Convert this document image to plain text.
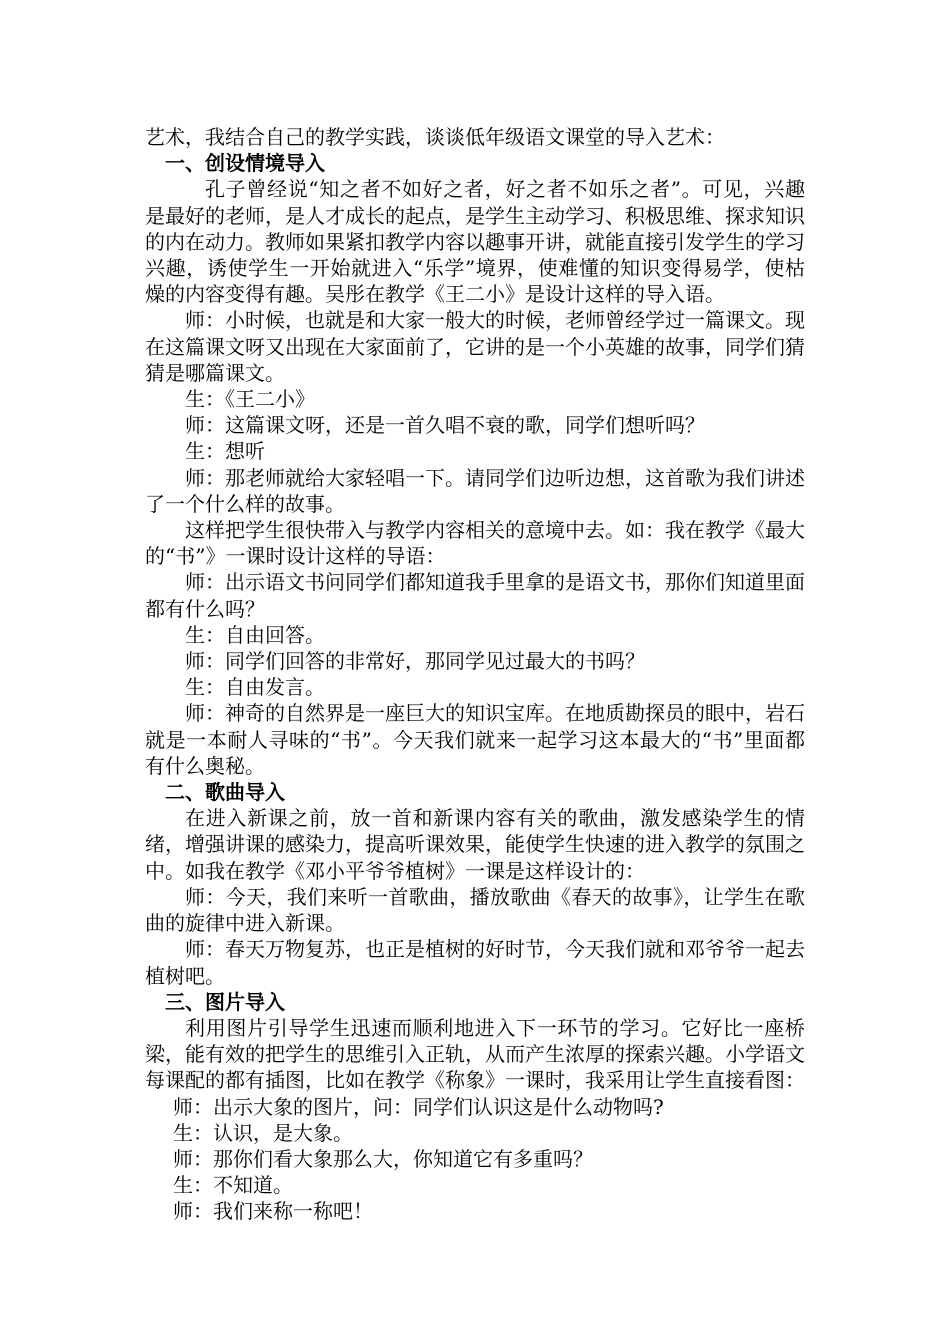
艺术，我结合自己的教学实践，谈谈低年级语文课堂的导入艺术：

一、创设情境导入

孔子曾经说“知之者不如好之者，好之者不如乐之者”。可见，兴趣是最好的老师，是人才成长的起点，是学生主动学习、积极思维、探求知识的内在动力。教师如果紧扣教学内容以趣事开讲，就能直接引发学生的学习兴趣，诱使学生一开始就进入“乐学”境界，使难懂的知识变得易学，使枯燥的内容变得有趣。吴彤在教学《王二小》是设计这样的导入语。

师：小时候，也就是和大家一般大的时候，老师曾经学过一篇课文。现在这篇课文呀又出现在大家面前了，它讲的是一个小英雄的故事，同学们猜猜是哪篇课文。

生：《王二小》

师：这篇课文呀，还是一首久唱不衰的歌，同学们想听吗？

生：想听

师：那老师就给大家轻唱一下。请同学们边听边想，这首歌为我们讲述了一个什么样的故事。

这样把学生很快带入与教学内容相关的意境中去。如：我在教学《最大的“书”》一课时设计这样的导语：

师：出示语文书问同学们都知道我手里拿的是语文书，那你们知道里面都有什么吗？

生：自由回答。

师：同学们回答的非常好，那同学见过最大的书吗？

生：自由发言。

师：神奇的自然界是一座巨大的知识宝库。在地质勘探员的眼中，岩石就是一本耐人寻味的“书”。今天我们就来一起学习这本最大的“书”里面都有什么奥秘。

二、歌曲导入

在进入新课之前，放一首和新课内容有关的歌曲，激发感染学生的情绪，增强讲课的感染力，提高听课效果，能使学生快速的进入教学的氛围之中。如我在教学《邓小平爷爷植树》一课是这样设计的：

师：今天，我们来听一首歌曲，播放歌曲《春天的故事》，让学生在歌曲的旋律中进入新课。

师：春天万物复苏，也正是植树的好时节，今天我们就和邓爷爷一起去植树吧。

三、图片导入

利用图片引导学生迅速而顺利地进入下一环节的学习。它好比一座桥梁，能有效的把学生的思维引入正轨，从而产生浓厚的探索兴趣。小学语文每课配的都有插图，比如在教学《称象》一课时，我采用让学生直接看图：

师：出示大象的图片，问：同学们认识这是什么动物吗?

生：认识，是大象。

师：那你们看大象那么大，你知道它有多重吗？

生：不知道。

师：我们来称一称吧！
